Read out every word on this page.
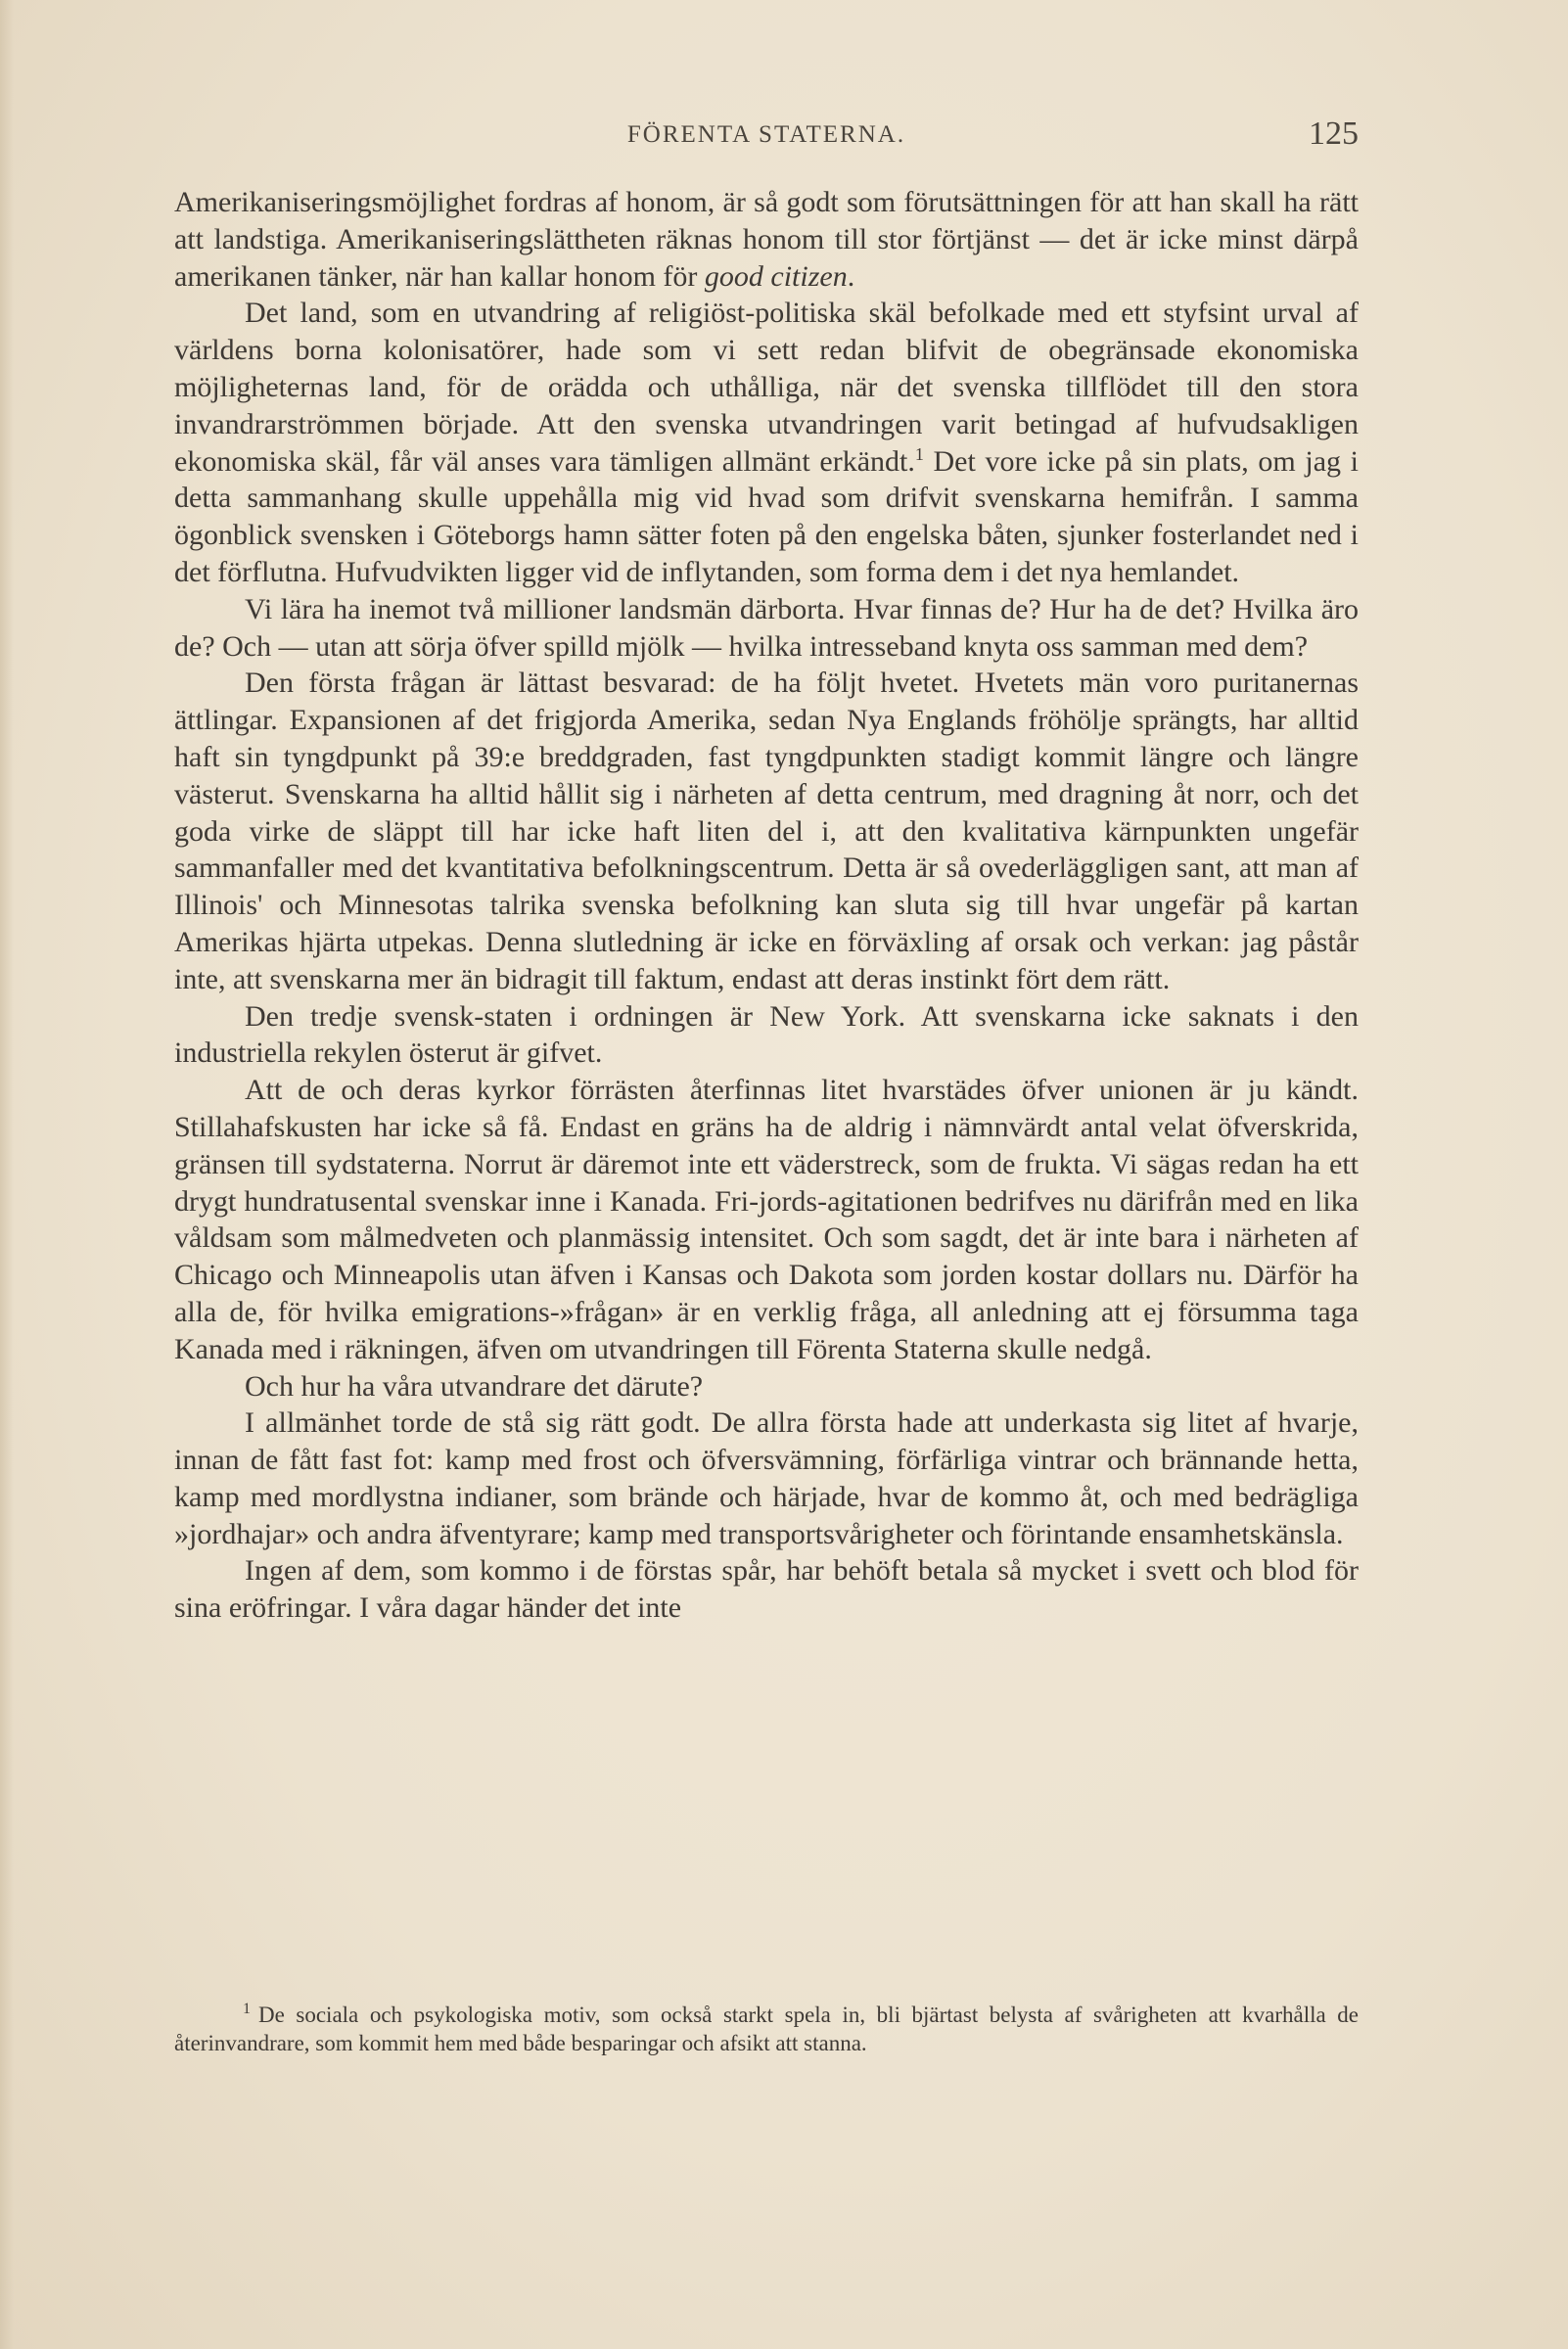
FÖRENTA STATERNA.	125

Amerikaniseringsmöjlighet fordras af honom, är så godt som förutsättningen för att han skall ha rätt att landstiga. Amerikaniseringslättheten räknas honom till stor förtjänst — det är icke minst därpå amerikanen tänker, när han kallar honom för good citizen.

Det land, som en utvandring af religiöst-politiska skäl befolkade med ett styfsint urval af världens borna kolonisatörer, hade som vi sett redan blifvit de obegränsade ekonomiska möjligheternas land, för de orädda och uthålliga, när det svenska tillflödet till den stora invandrarströmmen började. Att den svenska utvandringen varit betingad af hufvudsakligen ekonomiska skäl, får väl anses vara tämligen allmänt erkändt.$^1$ Det vore icke på sin plats, om jag i detta sammanhang skulle uppehålla mig vid hvad som drifvit svenskarna hemifrån. I samma ögonblick svensken i Göteborgs hamn sätter foten på den engelska båten, sjunker fosterlandet ned i det förflutna. Hufvudvikten ligger vid de inflytanden, som forma dem i det nya hemlandet.

Vi lära ha inemot två millioner landsmän därborta. Hvar finnas de? Hur ha de det? Hvilka äro de? Och — utan att sörja öfver spilld mjölk — hvilka intresseband knyta oss samman med dem?

Den första frågan är lättast besvarad: de ha följt hvetet. Hvetets män voro puritanernas ättlingar. Expansionen af det frigjorda Amerika, sedan Nya Englands fröhölje sprängts, har alltid haft sin tyngdpunkt på 39:e breddgraden, fast tyngdpunkten stadigt kommit längre och längre västerut. Svenskarna ha alltid hållit sig i närheten af detta centrum, med dragning åt norr, och det goda virke de släppt till har icke haft liten del i, att den kvalitativa kärnpunkten ungefär sammanfaller med det kvantitativa befolkningscentrum. Detta är så ovederläggligen sant, att man af Illinois' och Minnesotas talrika svenska befolkning kan sluta sig till hvar ungefär på kartan Amerikas hjärta utpekas. Denna slutledning är icke en förväxling af orsak och verkan: jag påstår inte, att svenskarna mer än bidragit till faktum, endast att deras instinkt fört dem rätt.

Den tredje svensk-staten i ordningen är New York. Att svenskarna icke saknats i den industriella rekylen österut är gifvet.

Att de och deras kyrkor förrästen återfinnas litet hvarstädes öfver unionen är ju kändt. Stillahafskusten har icke så få. Endast en gräns ha de aldrig i nämnvärdt antal velat öfverskrida, gränsen till sydstaterna. Norrut är däremot inte ett väderstreck, som de frukta. Vi sägas redan ha ett drygt hundratusental svenskar inne i Kanada. Fri-jords-agitationen bedrifves nu därifrån med en lika våldsam som målmedveten och planmässig intensitet. Och som sagdt, det är inte bara i närheten af Chicago och Minneapolis utan äfven i Kansas och Dakota som jorden kostar dollars nu. Därför ha alla de, för hvilka emigrations-»frågan» är en verklig fråga, all anledning att ej försumma taga Kanada med i räkningen, äfven om utvandringen till Förenta Staterna skulle nedgå.

Och hur ha våra utvandrare det därute?

I allmänhet torde de stå sig rätt godt. De allra första hade att underkasta sig litet af hvarje, innan de fått fast fot: kamp med frost och öfversvämning, förfärliga vintrar och brännande hetta, kamp med mordlystna indianer, som brände och härjade, hvar de kommo åt, och med bedrägliga »jordhajar» och andra äfventyrare; kamp med transportsvårigheter och förintande ensamhetskänsla.

Ingen af dem, som kommo i de förstas spår, har behöft betala så mycket i svett och blod för sina eröfringar. I våra dagar händer det inte

$^1$ De sociala och psykologiska motiv, som också starkt spela in, bli bjärtast belysta af svårigheten att kvarhålla de återinvandrare, som kommit hem med både besparingar och afsikt att stanna.
